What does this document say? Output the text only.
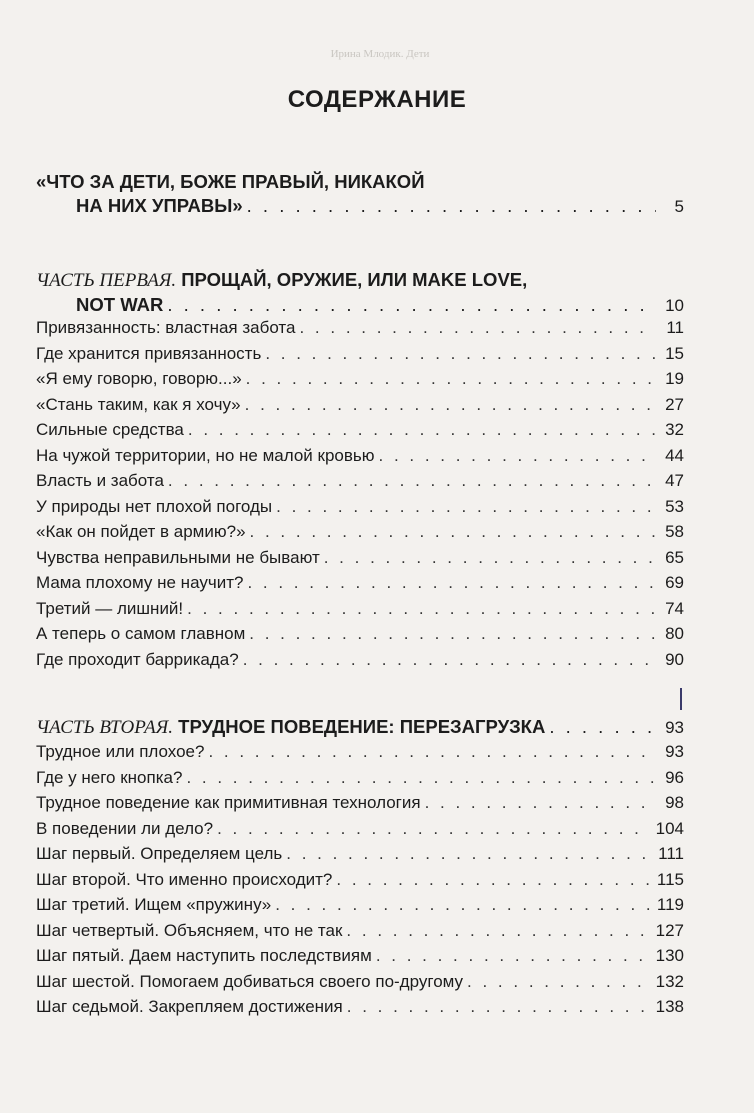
Ирина Млодик. Дети
СОДЕРЖАНИЕ
«ЧТО ЗА ДЕТИ, БОЖЕ ПРАВЫЙ, НИКАКОЙ
НА НИХ УПРАВЫ» . . .	5
ЧАСТЬ ПЕРВАЯ. ПРОЩАЙ, ОРУЖИЕ, ИЛИ MAKE LOVE,
NOT WAR . . .	10
Привязанность: властная забота . . .	11
Где хранится привязанность . . .	15
«Я ему говорю, говорю...» . . .	19
«Стань таким, как я хочу» . . .	27
Сильные средства . . .	32
На чужой территории, но не малой кровью . . .	44
Власть и забота . . .	47
У природы нет плохой погоды . . .	53
«Как он пойдет в армию?» . . .	58
Чувства неправильными не бывают . . .	65
Мама плохому не научит? . . .	69
Третий — лишний! . . .	74
А теперь о самом главном . . .	80
Где проходит баррикада? . . .	90
ЧАСТЬ ВТОРАЯ.
ТРУДНОЕ ПОВЕДЕНИЕ: ПЕРЕЗАГРУЗКА . . .	93
Трудное или плохое? . . .	93
Где у него кнопка? . . .	96
Трудное поведение как примитивная технология . . .	98
В поведении ли дело? . . .	104
Шаг первый. Определяем цель . . .	111
Шаг второй. Что именно происходит? . . .	115
Шаг третий. Ищем «пружину» . . .	119
Шаг четвертый. Объясняем, что не так . . .	127
Шаг пятый. Даем наступить последствиям . . .	130
Шаг шестой. Помогаем добиваться своего по-другому . . .	132
Шаг седьмой. Закрепляем достижения . . .	138
